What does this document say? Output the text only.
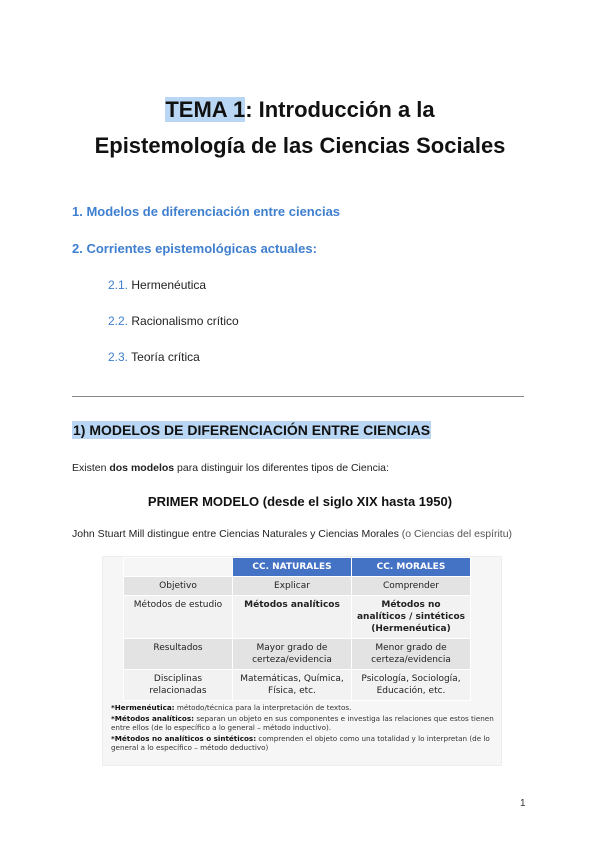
TEMA 1: Introducción a la
Epistemología de las Ciencias Sociales
1. Modelos de diferenciación entre ciencias
2. Corrientes epistemológicas actuales:
2.1. Hermenéutica
2.2. Racionalismo crítico
2.3. Teoría crítica
1) MODELOS DE DIFERENCIACIÓN ENTRE CIENCIAS
Existen dos modelos para distinguir los diferentes tipos de Ciencia:
PRIMER MODELO (desde el siglo XIX hasta 1950)
John Stuart Mill distingue entre Ciencias Naturales y Ciencias Morales (o Ciencias del espíritu)
	CC. NATURALES	CC. MORALES
Objetivo	Explicar	Comprender
Métodos de estudio	Métodos analíticos	Métodos no analíticos / sintéticos (Hermenéutica)
Resultados	Mayor grado de certeza/evidencia	Menor grado de certeza/evidencia
Disciplinas relacionadas	Matemáticas, Química, Física, etc.	Psicología, Sociología, Educación, etc.
*Hermenéutica: método/técnica para la interpretación de textos.
*Métodos analíticos: separan un objeto en sus componentes e investiga las relaciones que estos tienen entre ellos (de lo específico a lo general – método inductivo).
*Métodos no analíticos o sintéticos: comprenden el objeto como una totalidad y lo interpretan (de lo general a lo específico – método deductivo)
1
